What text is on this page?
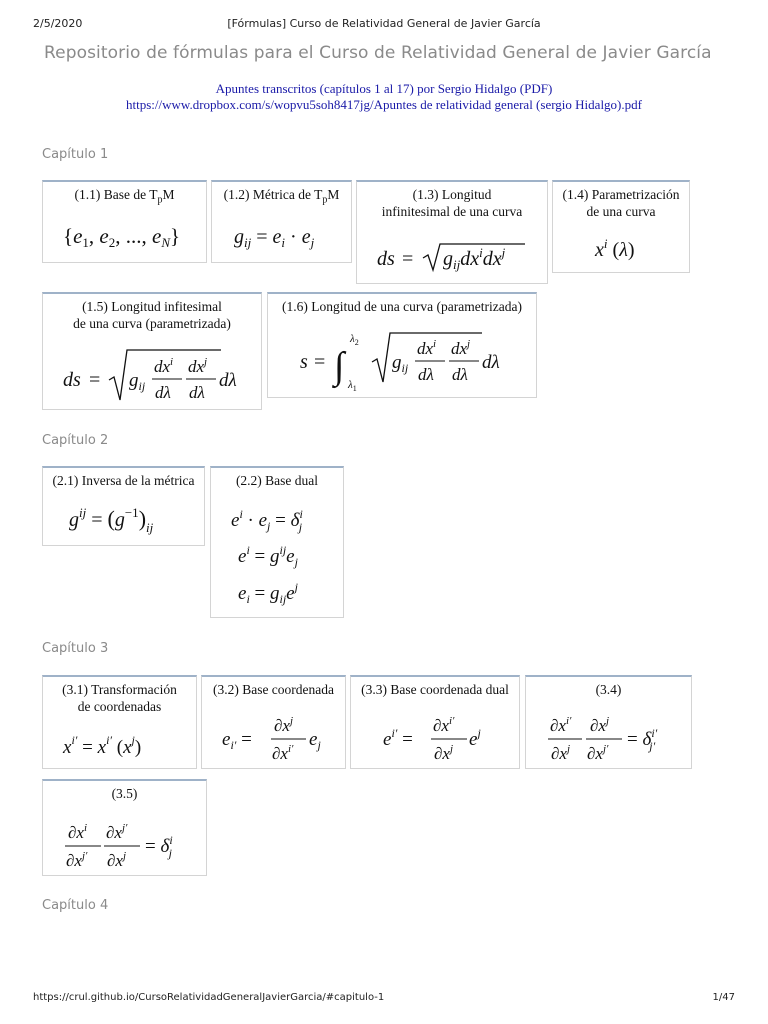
2/5/2020	[Fórmulas] Curso de Relatividad General de Javier García
Repositorio de fórmulas para el Curso de Relatividad General de Javier García
Apuntes transcritos (capítulos 1 al 17) por Sergio Hidalgo (PDF)
https://www.dropbox.com/s/wopvu5soh8417jg/Apuntes de relatividad general (sergio Hidalgo).pdf
Capítulo 1
(1.1) Base de $T_pM$
{e1, e2, ..., eN}
(1.2) Métrica de $T_pM$
$g_{ij} = e_i \cdot e_j$
(1.3) Longitud
infinitesimal de una curva
ds = $g_{ij}dx^idx^j$
(1.4) Parametrización
de una curva
$x^i$ (λ)
(1.5) Longitud infitesimal
de una curva (parametrizada)
ds = $g_{ij}$
$dx^i$
dλ
$dx^j$
dλ
dλ
(1.6) Longitud de una curva (parametrizada)
s = ∫
$\lambda_2$
$\lambda_1$
$g_{ij}$
$dx^i$
dλ
$dx^j$
dλ
dλ
Capítulo 2
(2.1) Inversa de la métrica
$g^{ij} = (g^{-1})_{ij}$
(2.2) Base dual
$e^i \cdot e_j = \delta^i$ j
$e^i = g^{ij}e_j$
$e_i = g_{ij}e^j$
Capítulo 3
(3.1) Transformación
de coordenadas
$x^{i'} = x^{i'}$ $(x^j)$
(3.2) Base coordenada
$e_{i'}$ =
$\partial x^j$
$\partial x^{i'}$ $e_j$
(3.3) Base coordenada dual
$e^{i'}$ =
$\partial x^{i'}$
$\partial x^j$ $e^j$
(3.4)
$\partial x^{i'}$
$\partial x^j$
$\partial x^j$
$\partial x^{j'} = \delta^{i'}$ j′
(3.5)
$\partial x^i$
$\partial x^{j'}$
$\partial x^{j'}$
$\partial x^j = \delta^i$ j
Capítulo 4
https://crul.github.io/CursoRelatividadGeneralJavierGarcia/#capitulo-1	1/47
